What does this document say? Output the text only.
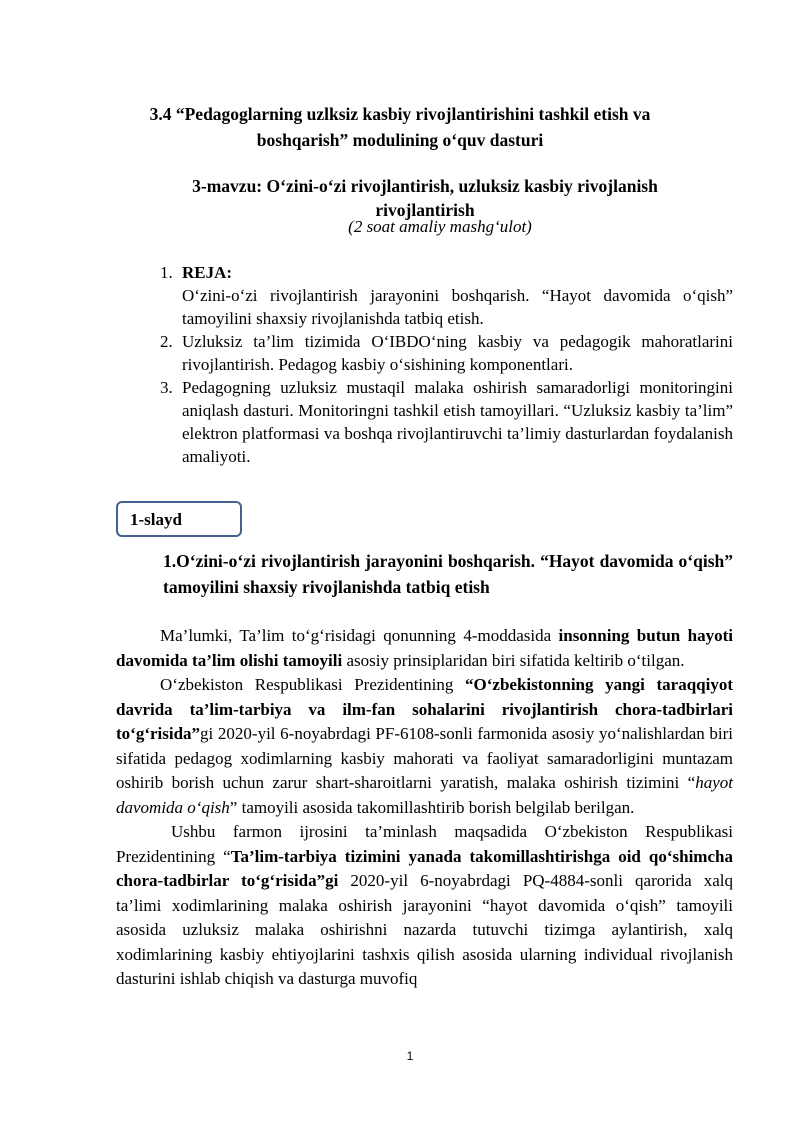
3.4 “Pedagoglarning uzlksiz kasbiy rivojlantirishini tashkil etish va boshqarish” modulining o‘quv dasturi
3-mavzu: O‘zini-o‘zi rivojlantirish, uzluksiz kasbiy rivojlanish rivojlantirish
(2 soat amaliy mashg‘ulot)
1. REJA:
O‘zini-o‘zi rivojlantirish jarayonini boshqarish. “Hayot davomida o‘qish” tamoyilini shaxsiy rivojlanishda tatbiq etish.
2. Uzluksiz ta’lim tizimida O‘IBDO‘ning kasbiy va pedagogik mahoratlarini rivojlantirish. Pedagog kasbiy o‘sishining komponentlari.
3. Pedagogning uzluksiz mustaqil malaka oshirish samaradorligi monitoringini aniqlash dasturi. Monitoringni tashkil etish tamoyillari. “Uzluksiz kasbiy ta’lim” elektron platformasi va boshqa rivojlantiruvchi ta’limiy dasturlardan foydalanish amaliyoti.
1-slayd
1.O‘zini-o‘zi rivojlantirish jarayonini boshqarish. “Hayot davomida o‘qish” tamoyilini shaxsiy rivojlanishda tatbiq etish

Ma’lumki, Ta’lim to‘g‘risidagi qonunning 4-moddasida insonning butun hayoti davomida ta’lim olishi tamoyili asosiy prinsiplaridan biri sifatida keltirib o‘tilgan.

O‘zbekiston Respublikasi Prezidentining “O‘zbekistonning yangi taraqqiyot davrida ta’lim-tarbiya va ilm-fan sohalarini rivojlantirish chora-tadbirlari to‘g‘risida”gi 2020-yil 6-noyabrdagi PF-6108-sonli farmonida asosiy yo‘nalishlardan biri sifatida pedagog xodimlarning kasbiy mahorati va faoliyat samaradorligini muntazam oshirib borish uchun zarur shart-sharoitlarni yaratish, malaka oshirish tizimini “hayot davomida o‘qish” tamoyili asosida takomillashtirib borish belgilab berilgan.

Ushbu farmon ijrosini ta’minlash maqsadida O‘zbekiston Respublikasi Prezidentining “Ta’lim-tarbiya tizimini yanada takomillashtirishga oid qo‘shimcha chora-tadbirlar to‘g‘risida”gi 2020-yil 6-noyabrdagi PQ-4884-sonli qarorida xalq ta’limi xodimlarining malaka oshirish jarayonini “hayot davomida o‘qish” tamoyili asosida uzluksiz malaka oshirishni nazarda tutuvchi tizimga aylantirish, xalq xodimlarining kasbiy ehtiyojlarini tashxis qilish asosida ularning individual rivojlanish dasturini ishlab chiqish va dasturga muvofiq

1
